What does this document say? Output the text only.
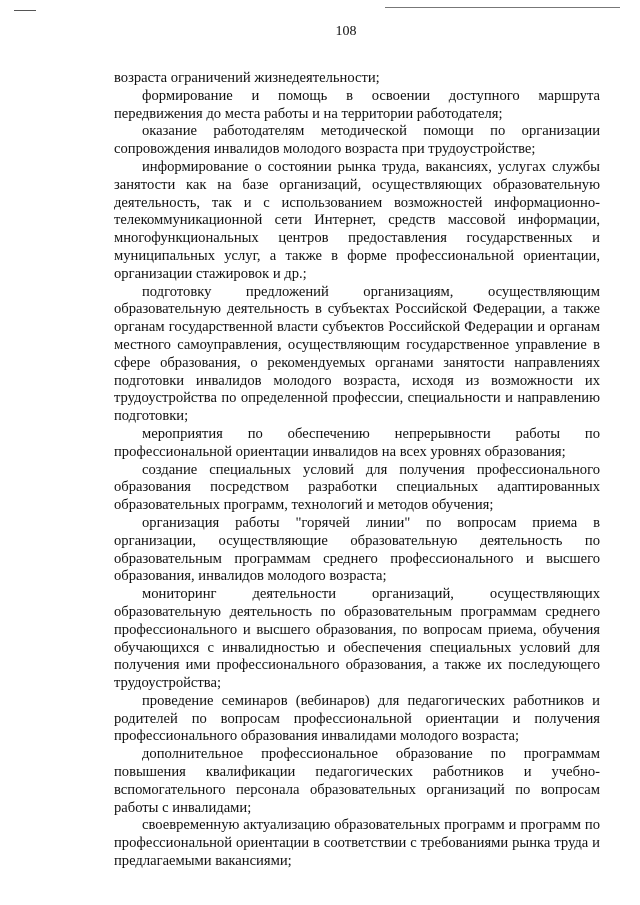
108

возраста ограничений жизнедеятельности;

формирование и помощь в освоении доступного маршрута передвижения до места работы и на территории работодателя;

оказание работодателям методической помощи по организации сопровождения инвалидов молодого возраста при трудоустройстве;

информирование о состоянии рынка труда, вакансиях, услугах службы занятости как на базе организаций, осуществляющих образовательную деятельность, так и с использованием возможностей информационно-телекоммуникационной сети Интернет, средств массовой информации, многофункциональных центров предоставления государственных и муниципальных услуг, а также в форме профессиональной ориентации, организации стажировок и др.;

подготовку предложений организациям, осуществляющим образовательную деятельность в субъектах Российской Федерации, а также органам государственной власти субъектов Российской Федерации и органам местного самоуправления, осуществляющим государственное управление в сфере образования, о рекомендуемых органами занятости направлениях подготовки инвалидов молодого возраста, исходя из возможности их трудоустройства по определенной профессии, специальности и направлению подготовки;

мероприятия по обеспечению непрерывности работы по профессиональной ориентации инвалидов на всех уровнях образования;

создание специальных условий для получения профессионального образования посредством разработки специальных адаптированных образовательных программ, технологий и методов обучения;

организация работы "горячей линии" по вопросам приема в организации, осуществляющие образовательную деятельность по образовательным программам среднего профессионального и высшего образования, инвалидов молодого возраста;

мониторинг деятельности организаций, осуществляющих образовательную деятельность по образовательным программам среднего профессионального и высшего образования, по вопросам приема, обучения обучающихся с инвалидностью и обеспечения специальных условий для получения ими профессионального образования, а также их последующего трудоустройства;

проведение семинаров (вебинаров) для педагогических работников и родителей по вопросам профессиональной ориентации и получения профессионального образования инвалидами молодого возраста;

дополнительное профессиональное образование по программам повышения квалификации педагогических работников и учебно-вспомогательного персонала образовательных организаций по вопросам работы с инвалидами;

своевременную актуализацию образовательных программ и программ по профессиональной ориентации в соответствии с требованиями рынка труда и предлагаемыми вакансиями;
